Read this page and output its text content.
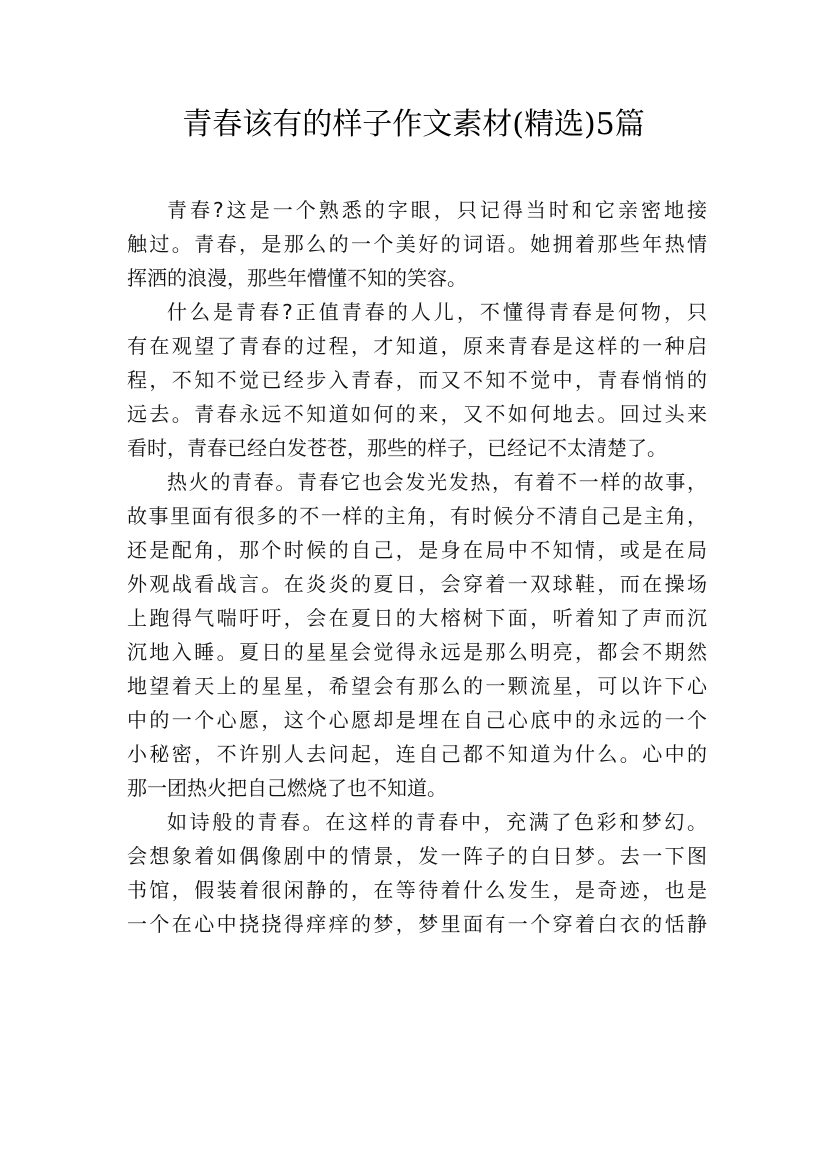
青春该有的样子作文素材(精选)5篇
青春?这是一个熟悉的字眼，只记得当时和它亲密地接
触过。青春，是那么的一个美好的词语。她拥着那些年热情
挥洒的浪漫，那些年懵懂不知的笑容。
什么是青春?正值青春的人儿，不懂得青春是何物，只
有在观望了青春的过程，才知道，原来青春是这样的一种启
程，不知不觉已经步入青春，而又不知不觉中，青春悄悄的
远去。青春永远不知道如何的来，又不如何地去。回过头来
看时，青春已经白发苍苍，那些的样子，已经记不太清楚了。
热火的青春。青春它也会发光发热，有着不一样的故事，
故事里面有很多的不一样的主角，有时候分不清自己是主角，
还是配角，那个时候的自己，是身在局中不知情，或是在局
外观战看战言。在炎炎的夏日，会穿着一双球鞋，而在操场
上跑得气喘吁吁，会在夏日的大榕树下面，听着知了声而沉
沉地入睡。夏日的星星会觉得永远是那么明亮，都会不期然
地望着天上的星星，希望会有那么的一颗流星，可以许下心
中的一个心愿，这个心愿却是埋在自己心底中的永远的一个
小秘密，不许别人去问起，连自己都不知道为什么。心中的
那一团热火把自己燃烧了也不知道。
如诗般的青春。在这样的青春中，充满了色彩和梦幻。
会想象着如偶像剧中的情景，发一阵子的白日梦。去一下图
书馆，假装着很闲静的，在等待着什么发生，是奇迹，也是
一个在心中挠挠得痒痒的梦，梦里面有一个穿着白衣的恬静
